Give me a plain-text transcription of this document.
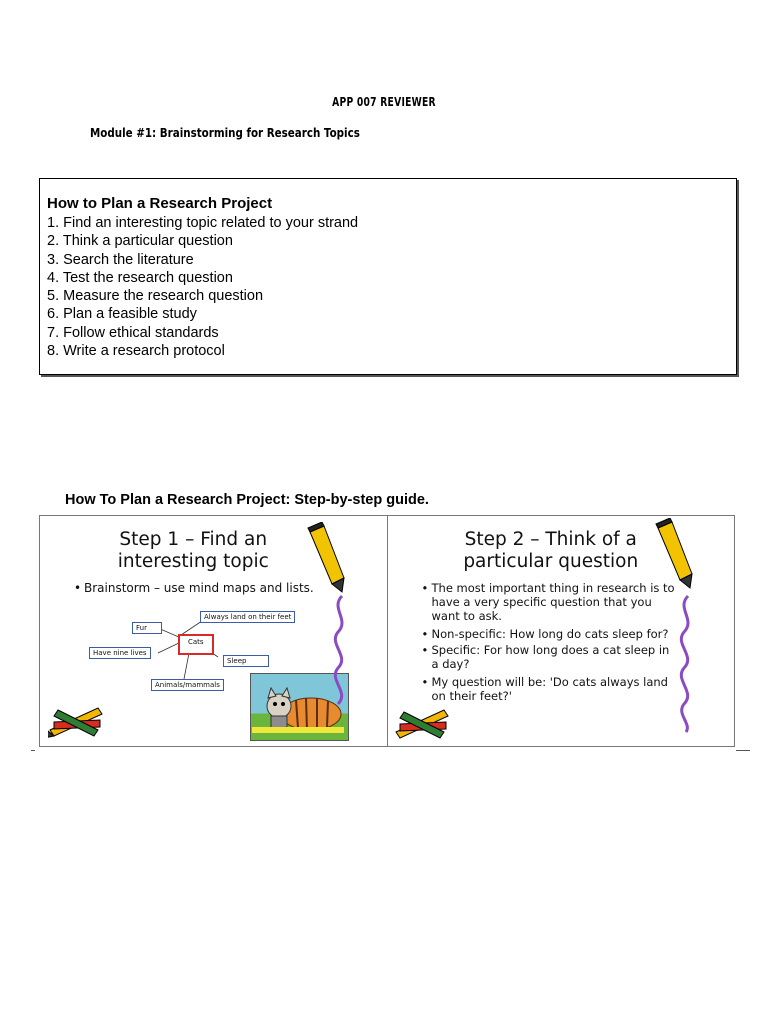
APP 007 REVIEWER
Module #1: Brainstorming for Research Topics
How to Plan a Research Project
1. Find an interesting topic related to your strand
2. Think a particular question
3. Search the literature
4. Test the research question
5. Measure the research question
6. Plan a feasible study
7. Follow ethical standards
8. Write a research protocol
How To Plan a Research Project: Step-by-step guide.
Step 1 – Find an
interesting topic
• Brainstorm – use mind maps and lists.
Always land on their feet
Fur
Cats
Have nine lives
Sleep
Animals/mammals
Step 2 – Think of a
particular question
• The most important thing in research is to have a very specific question that you want to ask.
• Non-specific: How long do cats sleep for?
• Specific: For how long does a cat sleep in a day?
• My question will be: 'Do cats always land on their feet?'
